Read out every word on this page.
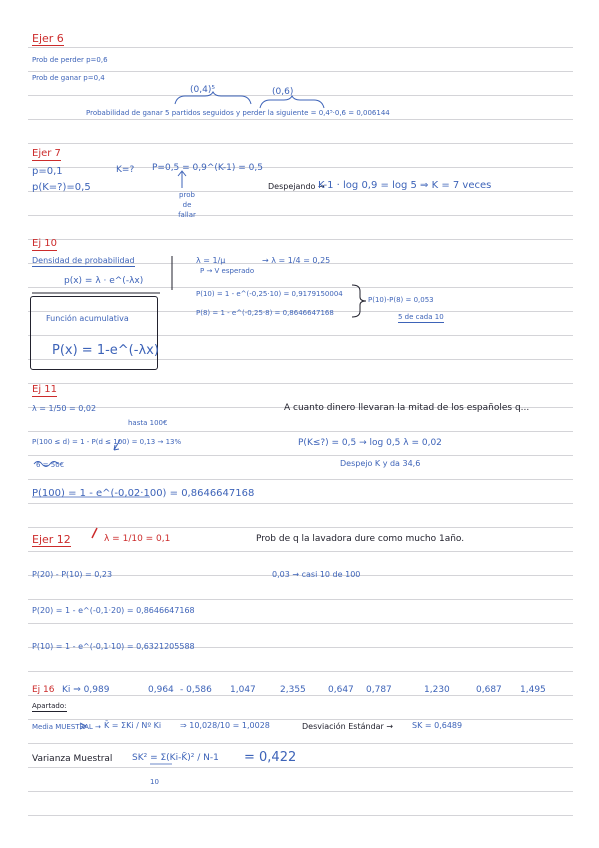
Ejer 6
Prob de perder p=0,6
Prob de ganar p=0,4
(0,4)⁵	(0,6)
Probabilidad de ganar 5 partidos seguidos y perder la siguiente = 0,4⁵·0,6 = 0,006144
Ejer 7
p=0,1	K=? P=0,5 = 0,9^(K-1) = 0,5
p(K=?)=0,5
prob de fallar
Despejando →
K-1 · log 0,9 = log 5 ⇒ K = 7 veces
Ej 10
Densidad de probabilidad
p(x) = λ · e^(-λx)
λ = 1/μ
P → V esperado
→ λ = 1/4 = 0,25
P(10) = 1 - e^(-0,25·10) = 0,9179150004
P(8) = 1 - e^(-0,25·8) = 0,8646647168
P(10)-P(8) = 0,053
5 de cada 10
Función acumulativa
P(x) = 1-e^(-λx)
Ej 11
λ = 1/50 = 0,02	A cuanto dinero llevaran la mitad de los españoles q...
hasta 100€
P(100 ≤ d) = 1 - P(d ≤ 100) = 0,13 → 13%
6 = 50€
P(K≤?) = 0,5 → log 0,5 λ = 0,02
Despejo K y da 34,6
P(100) = 1 - e^(-0,02·100) = 0,8646647168
Ejer 12	λ = 1/10 = 0,1	Prob de q la lavadora dure como mucho 1año.
P(20) - P(10) = 0,23	0,03 → casi 10 de 100
P(20) = 1 - e^(-0,1·20) = 0,8646647168
P(10) = 1 - e^(-0,1·10) = 0,6321205588
Ej 16 Ki ⇒ 0,989	0,964 - 0,586 1,047	2,355 0,647 0,787	1,230	0,687 1,495
Apartado:
Media MUESTRAL → K̄ = ΣKi / Nº Ki ⇒ 10,028/10 = 1,0028	Desviación Estándar → SK = 0,6489
Varianza Muestral SK² = Σ(Ki-K̄)² / N-1
10
= 0,422
